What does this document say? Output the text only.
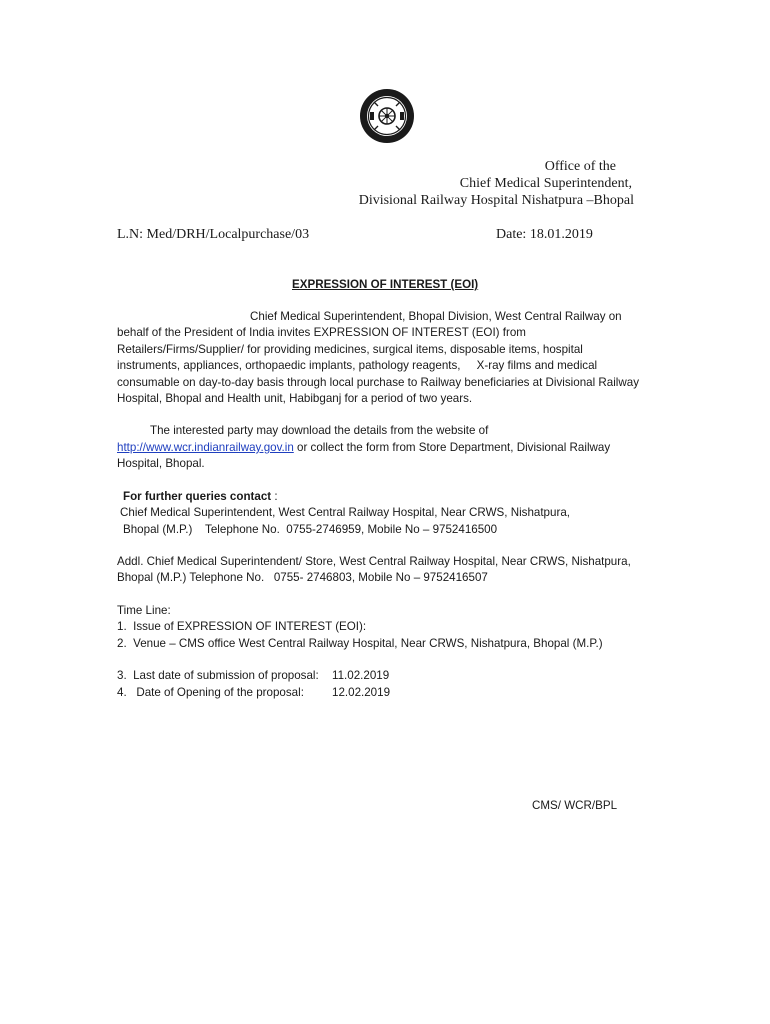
Office of the
Chief Medical Superintendent,
Divisional Railway Hospital Nishatpura –Bhopal
L.N: Med/DRH/Localpurchase/03	Date: 18.01.2019
EXPRESSION OF INTEREST (EOI)
Chief Medical Superintendent, Bhopal Division, West Central Railway on
behalf of the President of India invites EXPRESSION OF INTEREST (EOI) from
Retailers/Firms/Supplier/ for providing medicines, surgical items, disposable items, hospital
instruments, appliances, orthopaedic implants, pathology reagents,     X-ray films and medical
consumable on day-to-day basis through local purchase to Railway beneficiaries at Divisional Railway
Hospital, Bhopal and Health unit, Habibganj for a period of two years.
The interested party may download the details from the website of
http://www.wcr.indianrailway.gov.in or collect the form from Store Department, Divisional Railway
Hospital, Bhopal.
For further queries contact :
Chief Medical Superintendent, West Central Railway Hospital, Near CRWS, Nishatpura,
Bhopal (M.P.)    Telephone No.  0755-2746959, Mobile No – 9752416500
Addl. Chief Medical Superintendent/ Store, West Central Railway Hospital, Near CRWS, Nishatpura,
Bhopal (M.P.) Telephone No.   0755- 2746803, Mobile No – 9752416507
Time Line:
1.  Issue of EXPRESSION OF INTEREST (EOI):
2.  Venue – CMS office West Central Railway Hospital, Near CRWS, Nishatpura, Bhopal (M.P.)
3.  Last date of submission of proposal: 11.02.2019
4.   Date of Opening of the proposal: 12.02.2019
CMS/ WCR/BPL
